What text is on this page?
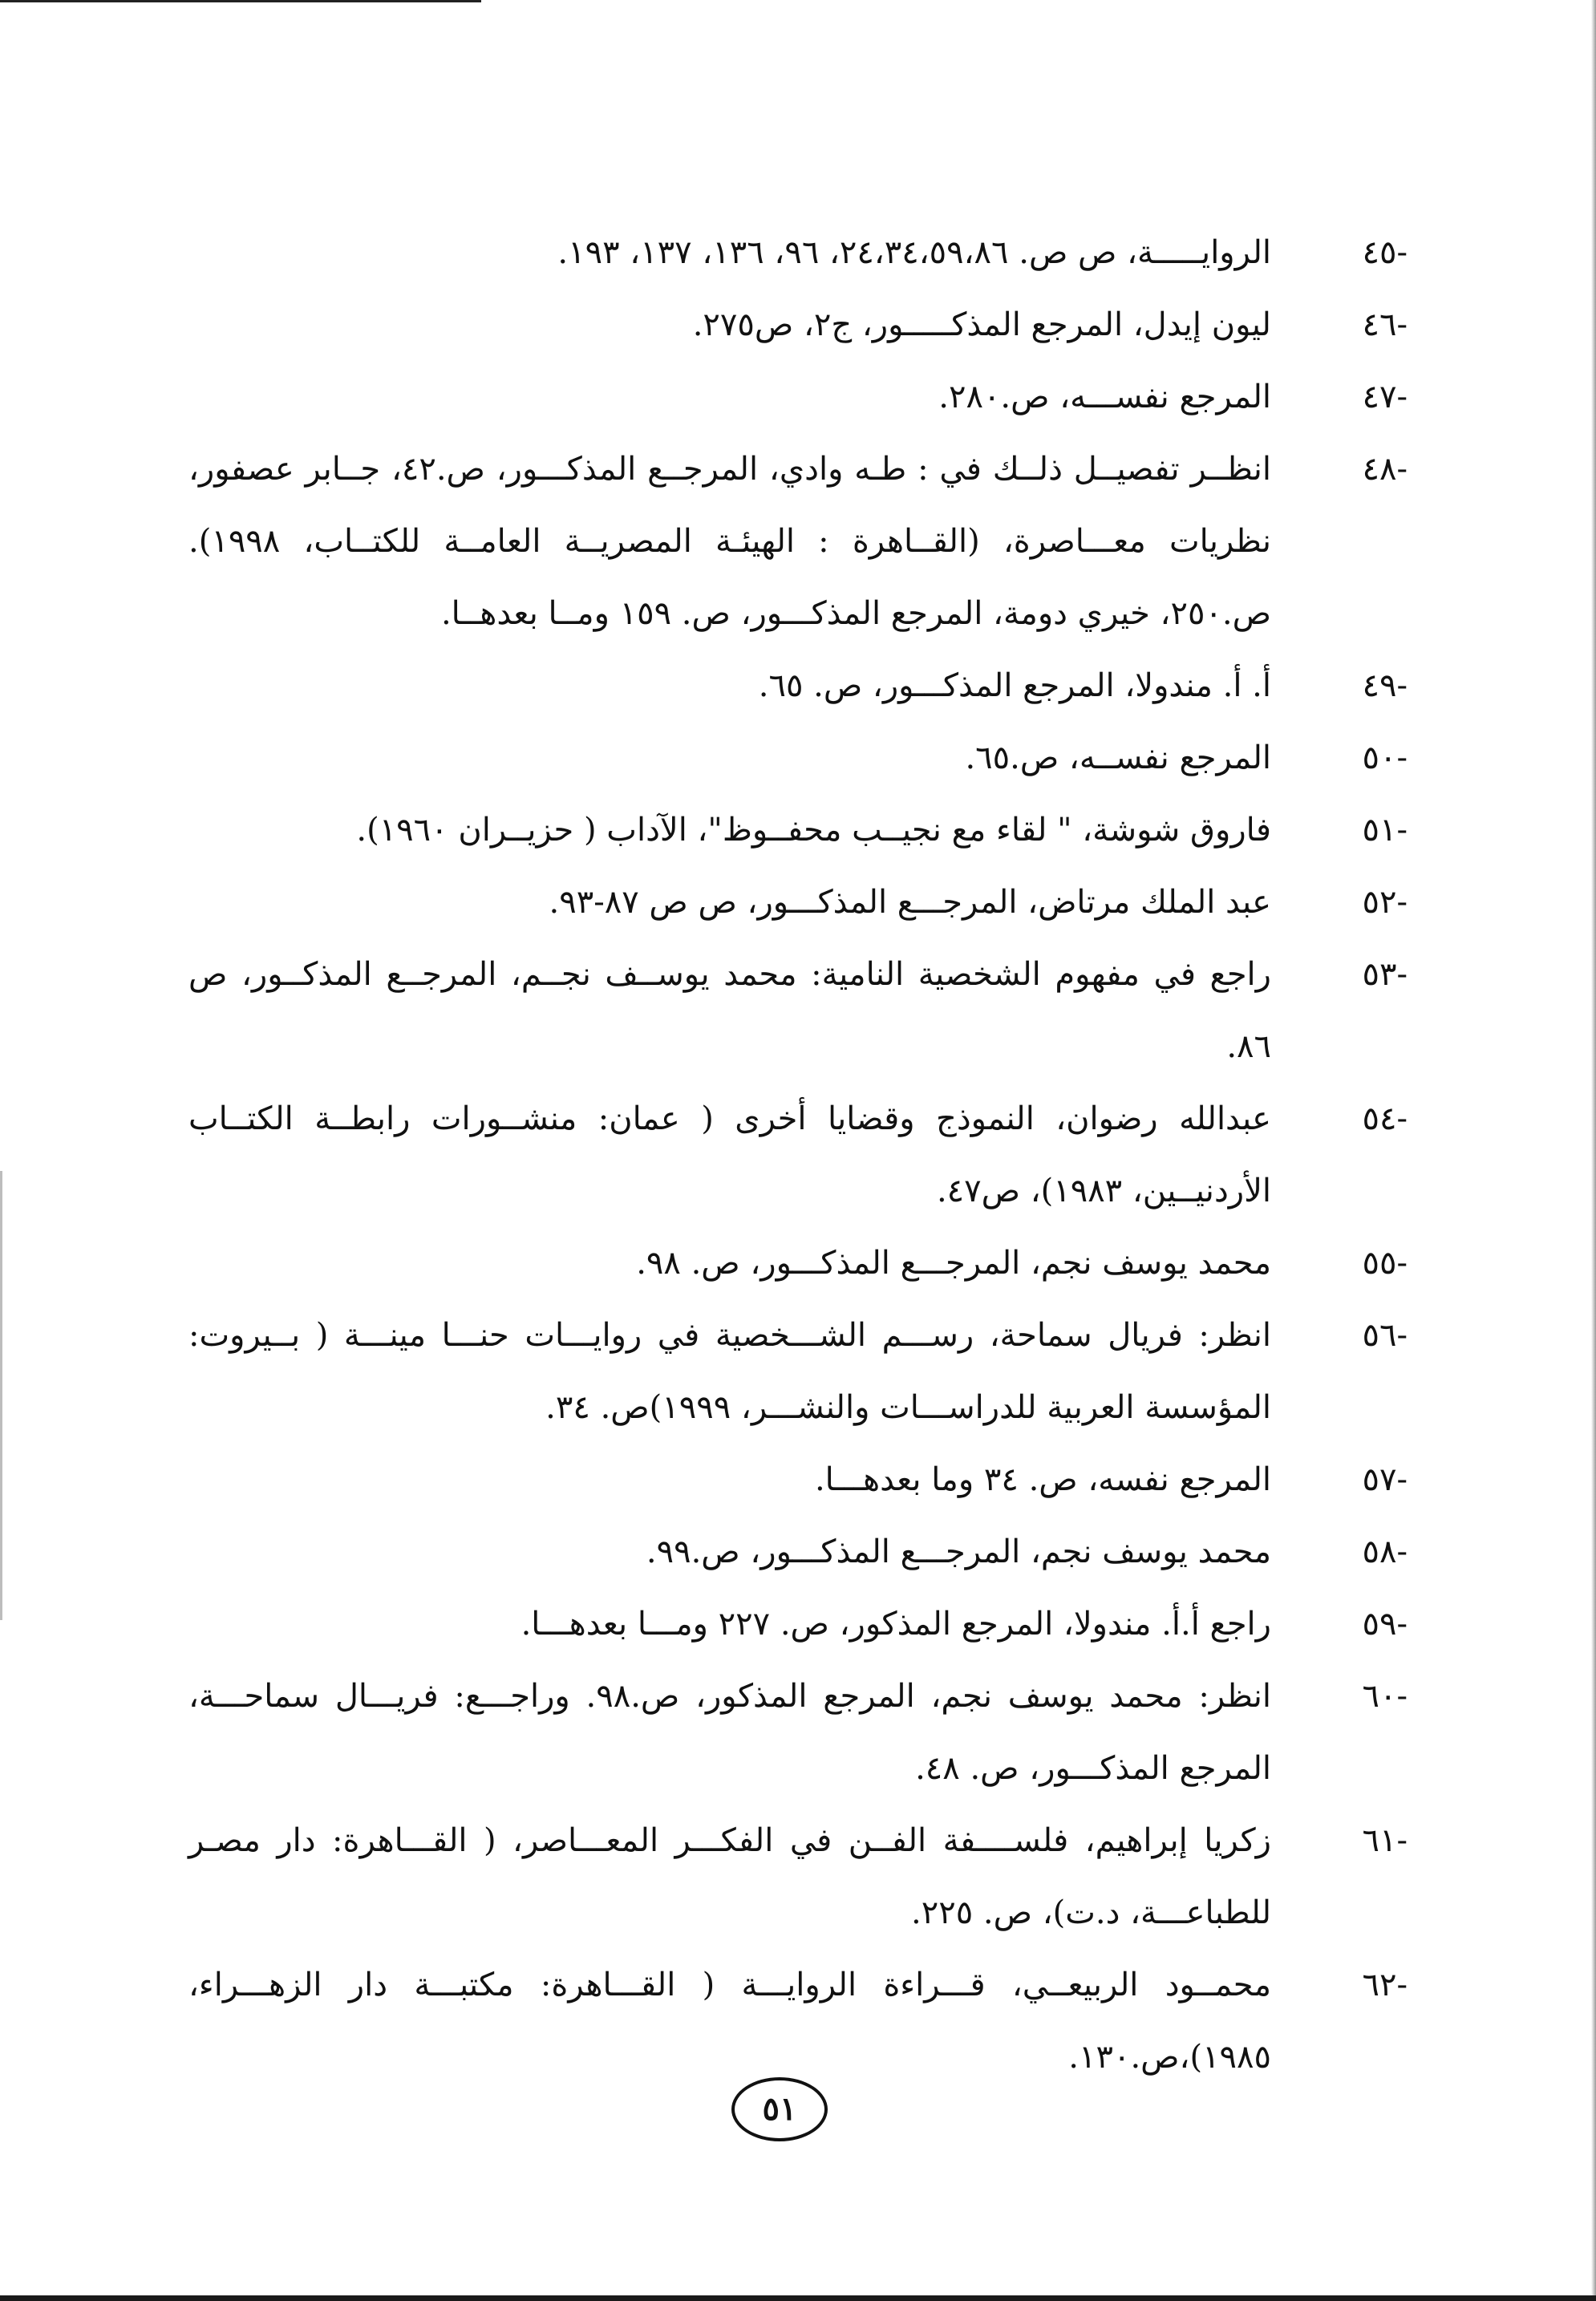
-٤٥
الروايـــــة، ص ص. ٢٤،٣٤،٥٩،٨٦، ٩٦، ١٣٦، ١٣٧، ١٩٣.
-٤٦
ليون إيدل، المرجع المذكـــــور، ج٢، ص٢٧٥.
-٤٧
المرجع نفســـه، ص.٢٨٠.
-٤٨
انظــر تفصيــل ذلــك في : طـه وادي، المرجــع المذكـــور، ص.٤٢، جــابر عصفور، نظريات معـــاصرة، (القــاهرة : الهيئـة المصريــة العامــة للكتــاب، ١٩٩٨). ص.٢٥٠، خيري دومة، المرجع المذكـــور، ص. ١٥٩ ومــا بعدهــا.
-٤٩
أ. أ. مندولا، المرجع المذكـــور، ص. ٦٥.
-٥٠
المرجع نفســه، ص.٦٥.
-٥١
فاروق شوشة، " لقاء مع نجيــب محفــوظ"، الآداب ( حزيــران ١٩٦٠).
-٥٢
عبد الملك مرتاض، المرجـــع المذكـــور، ص ص ٨٧-٩٣.
-٥٣
راجع في مفهوم الشخصية النامية: محمد يوســف نجــم، المرجــع المذكــور، ص ٨٦.
-٥٤
عبدالله رضوان، النموذج وقضايا أخرى ( عمان: منشــورات رابطــة الكتــاب الأردنيــين، ١٩٨٣)، ص٤٧.
-٥٥
محمد يوسف نجم، المرجـــع المذكـــور، ص. ٩٨.
-٥٦
انظر: فريال سماحة، رســـم الشـــخصية في روايـــات حنـــا مينـــة ( بــيروت: المؤسسة العربية للدراســـات والنشـــر، ١٩٩٩)ص. ٣٤.
-٥٧
المرجع نفسه، ص. ٣٤ وما بعدهـــا.
-٥٨
محمد يوسف نجم، المرجـــع المذكـــور، ص.٩٩.
-٥٩
راجع أ.أ. مندولا، المرجع المذكور، ص. ٢٢٧ ومـــا بعدهـــا.
-٦٠
انظر: محمد يوسف نجم، المرجع المذكور، ص.٩٨. وراجـــع: فريـــال سماحـــة، المرجع المذكـــور، ص. ٤٨.
-٦١
زكريا إبراهيم، فلســــفة الفــن في الفكـــر المعـــاصر، ( القـــاهرة: دار مصـر للطباعـــة، د.ت)، ص. ٢٢٥.
-٦٢
محمــود الربيعــي، قـــراءة الروايـــة ( القـــاهرة: مكتبـــة دار الزهـــراء، ١٩٨٥)،ص.١٣٠.
٥١
